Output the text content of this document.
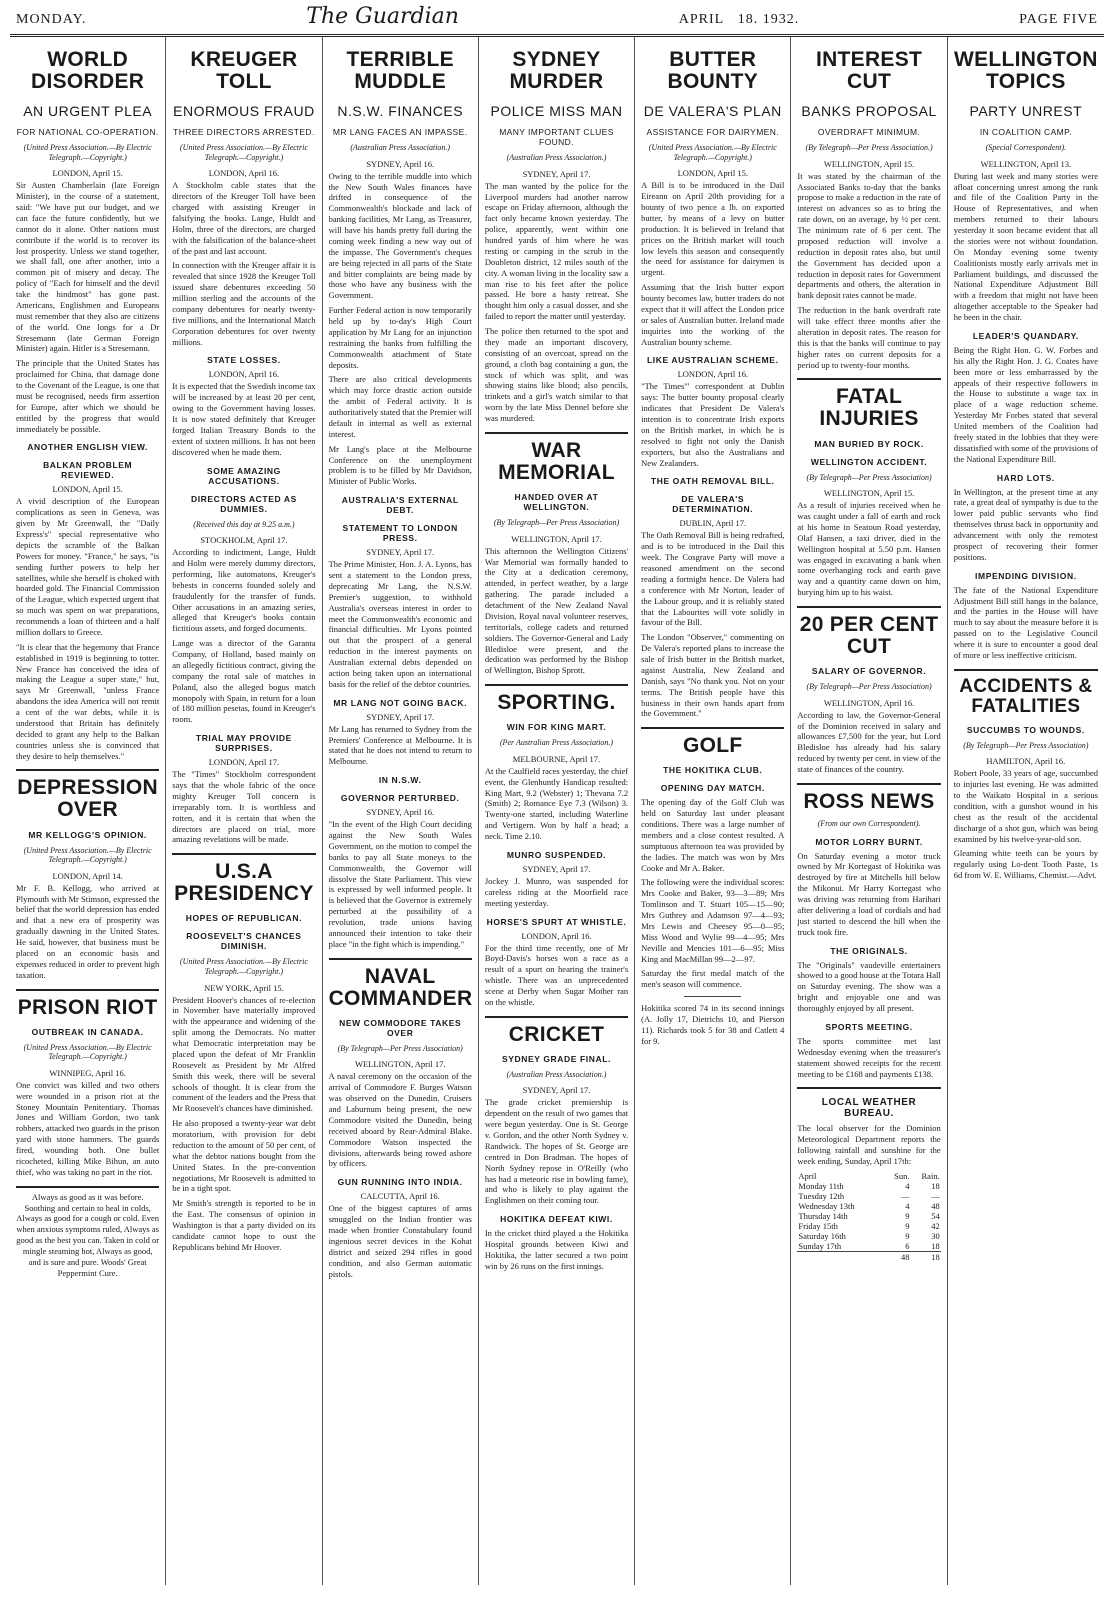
MONDAY.	The Guardian	APRIL 18. 1932.	PAGE FIVE
WORLD DISORDER
AN URGENT PLEA
FOR NATIONAL CO-OPERATION.
(United Press Association.—By Electric Telegraph.—Copyright.)
LONDON, April 15.

Sir Austen Chamberlain (late Foreign Minister), in the course of a statement, said: "We have put our budget, and we can face the future confidently, but we cannot do it alone. Other nations must contribute if the world is to recover its lost prosperity. Unless we stand together, we shall fall, one after another, into a common pit of misery and decay. The policy of "Each for himself and the devil take the hindmost" has gone past. Americans, Englishmen and Europeans must remember that they also are citizens of the world. One longs for a Dr Stresemann (late German Foreign Minister) again. Hitler is a Stresemann.

The principle that the United States has proclaimed for China, that damage done to the Covenant of the League, is one that must be recognised, needs firm assertion for Europe, after which we should be entitled by the progress that would immediately be possible.

ANOTHER ENGLISH VIEW.
BALKAN PROBLEM REVIEWED.
LONDON, April 15.

A vivid description of the European complications as seen in Geneva, was given by Mr Greenwall, the "Daily Express's" special representative who depicts the scramble of the Balkan Powers for money. "France," he says, "is sending further powers to help her satellites, while she herself is choked with hoarded gold. The Financial Commission of the League, which expected urgent that so much was spent on war preparations, recommends a loan of thirteen and a half million dollars to Greece.

"It is clear that the hegemony that France established in 1919 is beginning to totter. New France has conceived the idea of making the League a super state," but, says Mr Greenwall, "unless France abandons the idea America will not remit a cent of the war debts, while it is understood that Britain has definitely decided to grant any help to the Balkan countries unless she is convinced that they desire to help themselves."

DEPRESSION OVER
MR KELLOGG'S OPINION.
(United Press Association.—By Electric Telegraph.—Copyright.)
LONDON, April 14.

Mr F. B. Kellogg, who arrived at Plymouth with Mr Stimson, expressed the belief that the world depression has ended and that a new era of prosperity was gradually dawning in the United States. He said, however, that business must be placed on an economic basis and expenses reduced in order to prevent high taxation.

PRISON RIOT
OUTBREAK IN CANADA.
(United Press Association.—By Electric Telegraph.—Copyright.)
WINNIPEG, April 16.

One convict was killed and two others were wounded in a prison riot at the Stoney Mountain Penitentiary. Thomas Jones and William Gordon, two tank robbers, attacked two guards in the prison yard with stone hammers. The guards fired, wounding both. One bullet ricocheted, killing Mike Bihun, an auto thief, who was taking no part in the riot.

Always as good as it was before. Soothing and certain to heal in colds, Always as good for a cough or cold. Even when anxious symptoms ruled, Always as good as the best you can. Taken in cold or mingle steaming hot, Always as good, and is sure and pure. Woods' Great Peppermint Cure.

KREUGER TOLL
ENORMOUS FRAUD
THREE DIRECTORS ARRESTED.
(United Press Association.—By Electric Telegraph.—Copyright.)
LONDON, April 16.

A Stockholm cable states that the directors of the Kreuger Toll have been charged with assisting Kreuger in falsifying the books. Lange, Huldt and Holm, three of the directors, are charged with the falsification of the balance-sheet of the past and last account.

In connection with the Kreuger affair it is revealed that since 1928 the Kreuger Toll issued share debentures exceeding 50 million sterling and the accounts of the company debentures for nearly twenty-five millions, and the International Match Corporation debentures for over twenty millions.

STATE LOSSES.
LONDON, April 16.

It is expected that the Swedish income tax will be increased by at least 20 per cent, owing to the Government having losses. It is now stated definitely that Kreuger forged Italian Treasury Bonds to the extent of sixteen millions. It has not been discovered when he made them.

SOME AMAZING ACCUSATIONS.
DIRECTORS ACTED AS DUMMIES.
(Received this day at 9.25 a.m.)
STOCKHOLM, April 17.

According to indictment, Lange, Huldt and Holm were merely dummy directors, performing, like automatons, Kreuger's behests in concerns founded solely and fraudulently for the transfer of funds. Other accusations in an amazing series, alleged that Kreuger's books contain fictitious assets, and forged documents.

Lange was a director of the Garanta Company, of Holland, based mainly on an allegedly fictitious contract, giving the company the rotal sale of matches in Poland, also the alleged bogus match monopoly with Spain, in return for a loan of 180 million pesetas, found in Kreuger's room.

TRIAL MAY PROVIDE SURPRISES.
LONDON, April 17.

The "Times" Stockholm correspondent says that the whole fabric of the once mighty Kreuger Toll concern is irreparably torn. It is worthless and rotten, and it is certain that when the directors are placed on trial, more amazing revelations will be made.

U.S.A PRESIDENCY
HOPES OF REPUBLICAN.
ROOSEVELT'S CHANCES DIMINISH.
(United Press Association.—By Electric Telegraph.—Copyright.)
NEW YORK, April 15.

President Hoover's chances of re-election in November have materially improved with the appearance and widening of the split among the Democrats. No matter what Democratic interpretation may be placed upon the defeat of Mr Franklin Roosevelt as President by Mr Alfred Smith this week, there will be several schools of thought. It is clear from the comment of the leaders and the Press that Mr Roosevelt's chances have diminished.

He also proposed a twenty-year war debt moratorium, with provision for debt reduction to the amount of 50 per cent, of what the debtor nations bought from the United States. In the pre-convention negotiations, Mr Roosevelt is admitted to be in a tight spot.

Mr Smith's strength is reported to be in the East. The consensus of opinion in Washington is that a party divided on its candidate cannot hope to oust the Republicans behind Mr Hoover.

TERRIBLE MUDDLE
N.S.W. FINANCES
MR LANG FACES AN IMPASSE.
(Australian Press Association.)
SYDNEY, April 16.

Owing to the terrible muddle into which the New South Wales finances have drifted in consequence of the Commonwealth's blockade and lack of banking facilities, Mr Lang, as Treasurer, will have his hands pretty full during the coming week finding a new way out of the impasse. The Government's cheques are being rejected in all parts of the State and bitter complaints are being made by those who have any business with the Government.

Further Federal action is now temporarily held up by to-day's High Court application by Mr Lang for an injunction restraining the banks from fulfilling the Commonwealth attachment of State deposits.

There are also critical developments which may force drastic action outside the ambit of Federal activity. It is authoritatively stated that the Premier will default in internal as well as external interest.

Mr Lang's place at the Melbourne Conference on the unemployment problem is to be filled by Mr Davidson, Minister of Public Works.

AUSTRALIA'S EXTERNAL DEBT.
STATEMENT TO LONDON PRESS.
SYDNEY, April 17.

The Prime Minister, Hon. J. A. Lyons, has sent a statement to the London press, deprecating Mr Lang, the N.S.W. Premier's suggestion, to withhold Australia's overseas interest in order to meet the Commonwealth's economic and financial difficulties. Mr Lyons pointed out that the prospect of a general reduction in the interest payments on Australian external debts depended on action being taken upon an international basis for the relief of the debtor countries.

MR LANG NOT GOING BACK.
SYDNEY, April 17.

Mr Lang has returned to Sydney from the Premiers' Conference at Melbourne. It is stated that he does not intend to return to Melbourne.

IN N.S.W.
GOVERNOR PERTURBED.
SYDNEY, April 16.

"In the event of the High Court deciding against the New South Wales Government, on the motion to compel the banks to pay all State moneys to the Commonwealth, the Governor will dissolve the State Parliament. This view is expressed by well informed people. It is believed that the Governor is extremely perturbed at the possibility of a revolution, trade unions having announced their intention to take their place "in the fight which is impending."

NAVAL COMMANDER
NEW COMMODORE TAKES OVER
(By Telegraph—Per Press Association)
WELLINGTON, April 17.

A naval ceremony on the occasion of the arrival of Commodore F. Burges Watson was observed on the Dunedin. Cruisers and Laburnum being present, the new Commodore visited the Dunedin, being received aboard by Rear-Admiral Blake. Commodore Watson inspected the divisions, afterwards being rowed ashore by officers.

GUN RUNNING INTO INDIA.
CALCUTTA, April 16.

One of the biggest captures of arms smuggled on the Indian frontier was made when frontier Constabulary found ingenious secret devices in the Kohat district and seized 294 rifles in good condition, and also German automatic pistols.

SYDNEY MURDER
POLICE MISS MAN
MANY IMPORTANT CLUES FOUND.
(Australian Press Association.)
SYDNEY, April 17.

The man wanted by the police for the Liverpool murders had another narrow escape on Friday afternoon, although the fact only became known yesterday. The police, apparently, went within one hundred yards of him where he was resting or camping in the scrub in the Doubleton district, 12 miles south of the city. A woman living in the locality saw a man rise to his feet after the police passed. He bore a hasty retreat. She thought him only a casual dosser, and she failed to report the matter until yesterday.

The police then returned to the spot and they made an important discovery, consisting of an overcoat, spread on the ground, a cloth bag containing a gun, the stock of which was split, and was showing stains like blood; also pencils, trinkets and a girl's watch similar to that worn by the late Miss Dennel before she was murdered.

WAR MEMORIAL
HANDED OVER AT WELLINGTON.
(By Telegraph—Per Press Association)
WELLINGTON, April 17.

This afternoon the Wellington Citizens' War Memorial was formally handed to the City at a dedication ceremony, attended, in perfect weather, by a large gathering. The parade included a detachment of the New Zealand Naval Division, Royal naval volunteer reserves, territorials, college cadets and returned soldiers. The Governor-General and Lady Bledisloe were present, and the dedication was performed by the Bishop of Wellington, Bishop Sprott.

SPORTING.
WIN FOR KING MART.
(Per Australian Press Association.)
MELBOURNE, April 17.

At the Caulfield races yesterday, the chief event, the Glenhuntly Handicap resulted: King Mart, 9.2 (Webster) 1; Thevana 7.2 (Smith) 2; Romance Eye 7.3 (Wilson) 3. Twenty-one started, including Waterline and Vertigern. Won by half a head; a neck. Time 2.10.

MUNRO SUSPENDED.
SYDNEY, April 17.

Jockey J. Munro, was suspended for careless riding at the Moorfield race meeting yesterday.

HORSE'S SPURT AT WHISTLE.
LONDON, April 16.

For the third time recently, one of Mr Boyd-Davis's horses won a race as a result of a spurt on hearing the trainer's whistle. There was an unprecedented scene at Derby when Sugar Mother ran on the whistle.

CRICKET
SYDNEY GRADE FINAL.
(Australian Press Association.)
SYDNEY, April 17.

The grade cricket premiership is dependent on the result of two games that were begun yesterday. One is St. George v. Gordon, and the other North Sydney v. Randwick. The hopes of St. George are centred in Don Bradman. The hopes of North Sydney repose in O'Reilly (who has had a meteoric rise in bowling fame), and who is likely to play against the Englishmen on their coming tour.

HOKITIKA DEFEAT KIWI.

In the cricket third played a the Hokitika Hospital grounds between Kiwi and Hokitika, the latter secured a two point win by 26 runs on the first innings.

BUTTER BOUNTY
DE VALERA'S PLAN
ASSISTANCE FOR DAIRYMEN.
(United Press Association.—By Electric Telegraph.—Copyright.)
LONDON, April 15.

A Bill is to be introduced in the Dail Eireann on April 20th providing for a bounty of two pence a lb. on exported butter, by means of a levy on butter production. It is believed in Ireland that prices on the British market will touch low levels this season and consequently the need for assistance for dairymen is urgent.

Assuming that the Irish butter export bounty becomes law, butter traders do not expect that it will affect the London price or sales of Australian butter. Ireland made inquiries into the working of the Australian bounty scheme.

LIKE AUSTRALIAN SCHEME.
LONDON, April 16.

"The Times'" correspondent at Dublin says: The butter bounty proposal clearly indicates that President De Valera's intention is to concentrate Irish exports on the British market, in which he is resolved to fight not only the Danish exporters, but also the Australians and New Zealanders.

THE OATH REMOVAL BILL.
DE VALERA'S DETERMINATION.
DUBLIN, April 17.

The Oath Removal Bill is being redrafted, and is to be introduced in the Dail this week. The Cosgrave Party will move a reasoned amendment on the second reading a fortnight hence. De Valera had a conference with Mr Norton, leader of the Labour group, and it is reliably stated that the Labourites will vote solidly in favour of the Bill.

The London "Observer," commenting on De Valera's reported plans to increase the sale of Irish butter in the British market, against Australia, New Zealand and Danish, says "No thank you. Not on your terms. The British people have this business in their own hands apart from the Government."

GOLF
THE HOKITIKA CLUB.
OPENING DAY MATCH.

The opening day of the Golf Club was held on Saturday last under pleasant conditions. There was a large number of members and a close contest resulted. A sumptuous afternoon tea was provided by the ladies. The match was won by Mrs Cooke and Mr A. Baker.

The following were the individual scores: Mrs Cooke and Baker, 93—3—89; Mrs Tomlinson and T. Stuart 105—15—90; Mrs Guthrey and Adamson 97—4—93; Mrs Lewis and Cheesey 95—0—95; Miss Wood and Wylie 99—4—95; Mrs Neville and Mencies 101—6—95; Miss King and MacMillan 99—2—97.

Saturday the first medal match of the men's season will commence.

Hokitika scored 74 in its second innings (A. Jolly 17, Dietrichs 10, and Pierson 11). Richards took 5 for 38 and Catlett 4 for 9.

INTEREST CUT
BANKS PROPOSAL
OVERDRAFT MINIMUM.
(By Telegraph—Per Press Association.)
WELLINGTON, April 15.

It was stated by the chairman of the Associated Banks to-day that the banks propose to make a reduction in the rate of interest on advances so as to bring the rate down, on an average, by ½ per cent. The minimum rate of 6 per cent. The proposed reduction will involve a reduction in deposit rates also, but until the Government has decided upon a reduction in deposit rates for Government departments and others, the alteration in bank deposit rates cannot be made.

The reduction in the bank overdraft rate will take effect three months after the alteration in deposit rates. The reason for this is that the banks will continue to pay higher rates on current deposits for a period up to twenty-four months.

FATAL INJURIES
MAN BURIED BY ROCK.
WELLINGTON ACCIDENT.
(By Telegraph—Per Press Association)
WELLINGTON, April 15.

As a result of injuries received when he was caught under a fall of earth and rock at his home in Seatoun Road yesterday, Olaf Hansen, a taxi driver, died in the Wellington hospital at 5.50 p.m. Hansen was engaged in excavating a bank when some overhanging rock and earth gave way and a quantity came down on him, burying him up to his waist.

20 PER CENT CUT
SALARY OF GOVERNOR.
(By Telegraph—Per Press Association)
WELLINGTON, April 16.

According to law, the Governor-General of the Dominion received in salary and allowances £7,500 for the year, but Lord Bledisloe has already had his salary reduced by twenty per cent. in view of the state of finances of the country.

ROSS NEWS
(From our own Correspondent).
MOTOR LORRY BURNT.

On Saturday evening a motor truck owned by Mr Kortegast of Hokitika was destroyed by fire at Mitchells hill below the Mikonui. Mr Harry Kortegast who was driving was returning from Harihari after delivering a load of cordials and had just started to descend the hill when the truck took fire.

THE ORIGINALS.

The "Originals" vaudeville entertainers showed to a good house at the Totara Hall on Saturday evening. The show was a bright and enjoyable one and was thoroughly enjoyed by all present.

SPORTS MEETING.

The sports committee met last Wednesday evening when the treasurer's statement showed receipts for the recent meeting to be £168 and payments £138.

LOCAL WEATHER BUREAU.

The local observer for the Dominion Meteorological Department reports the following rainfall and sunshine for the week ending, Sunday, April 17th:

April	Sun.	Rain.
Monday 11th	4	18
Tuesday 12th	—	—
Wednesday 13th	4	48
Thursday 14th	9	54
Friday 15th	9	42
Saturday 16th	9	30
Sunday 17th	6	18
	48	18
WELLINGTON TOPICS
PARTY UNREST
IN COALITION CAMP.
(Special Correspondent).
WELLINGTON, April 13.

During last week and many stories were afloat concerning unrest among the rank and file of the Coalition Party in the House of Representatives, and when members returned to their labours yesterday it soon became evident that all the stories were not without foundation. On Monday evening some twenty Coalitionists mostly early arrivals met in Parliament buildings, and discussed the National Expenditure Adjustment Bill with a freedom that might not have been altogether acceptable to the Speaker had he been in the chair.

LEADER'S QUANDARY.

Being the Right Hon. G. W. Forbes and his ally the Right Hon. J. G. Coates have been more or less embarrassed by the appeals of their respective followers in the House to substitute a wage tax in place of a wage reduction scheme. Yesterday Mr Forbes stated that several United members of the Coalition had freely stated in the lobbies that they were dissatisfied with some of the provisions of the National Expenditure Bill.

HARD LOTS.

In Wellington, at the present time at any rate, a great deal of sympathy is due to the lower paid public servants who find themselves thrust back in opportunity and advancement with only the remotest prospect of recovering their former positions.

IMPENDING DIVISION.

The fate of the National Expenditure Adjustment Bill still hangs in the balance, and the parties in the House will have much to say about the measure before it is passed on to the Legislative Council where it is sure to encounter a good deal of more or less ineffective criticism.

ACCIDENTS & FATALITIES
SUCCUMBS TO WOUNDS.
(By Telegraph—Per Press Association)
HAMILTON, April 16.

Robert Poole, 33 years of age, succumbed to injuries last evening. He was admitted to the Waikato Hospital in a serious condition, with a gunshot wound in his chest as the result of the accidental discharge of a shot gun, which was being examined by his twelve-year-old son.

Gleaming white teeth can be yours by regularly using Lo-dent Tooth Paste, 1s 6d from W. E. Williams, Chemist.—Advt.
